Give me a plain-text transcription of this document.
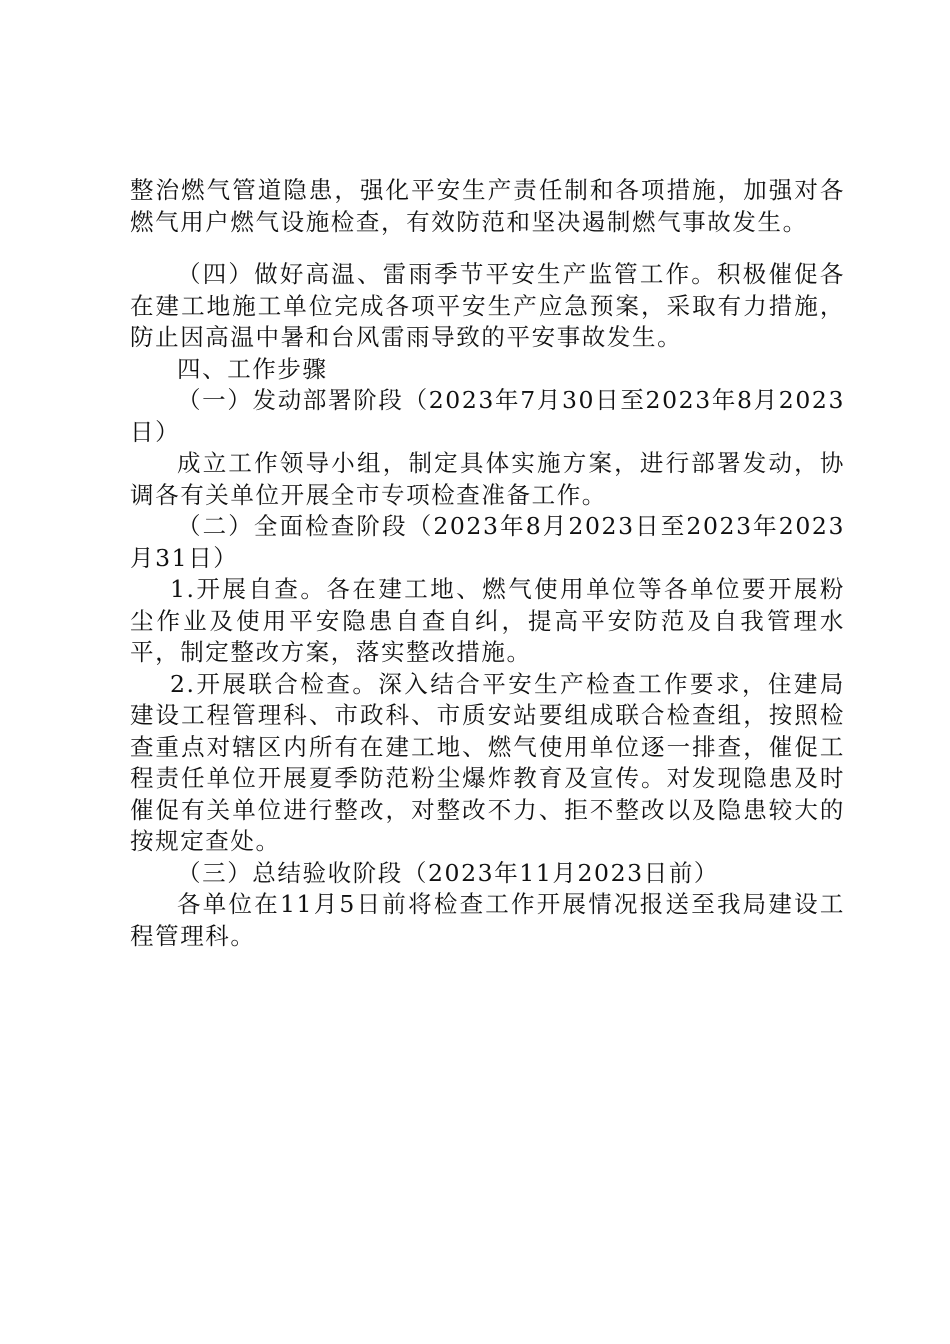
整治燃气管道隐患，强化平安生产责任制和各项措施，加强对各燃气用户燃气设施检查，有效防范和坚决遏制燃气事故发生。

（四）做好高温、雷雨季节平安生产监管工作。积极催促各在建工地施工单位完成各项平安生产应急预案，采取有力措施，防止因高温中暑和台风雷雨导致的平安事故发生。

四、工作步骤

（一）发动部署阶段（2023年7月30日至2023年8月2023日）

成立工作领导小组，制定具体实施方案，进行部署发动，协调各有关单位开展全市专项检查准备工作。

（二）全面检查阶段（2023年8月2023日至2023年2023月31日）

1.开展自查。各在建工地、燃气使用单位等各单位要开展粉尘作业及使用平安隐患自查自纠，提高平安防范及自我管理水平，制定整改方案，落实整改措施。

2.开展联合检查。深入结合平安生产检查工作要求，住建局建设工程管理科、市政科、市质安站要组成联合检查组，按照检查重点对辖区内所有在建工地、燃气使用单位逐一排查，催促工程责任单位开展夏季防范粉尘爆炸教育及宣传。对发现隐患及时催促有关单位进行整改，对整改不力、拒不整改以及隐患较大的按规定查处。

（三）总结验收阶段（2023年11月2023日前）

各单位在11月5日前将检查工作开展情况报送至我局建设工程管理科。
